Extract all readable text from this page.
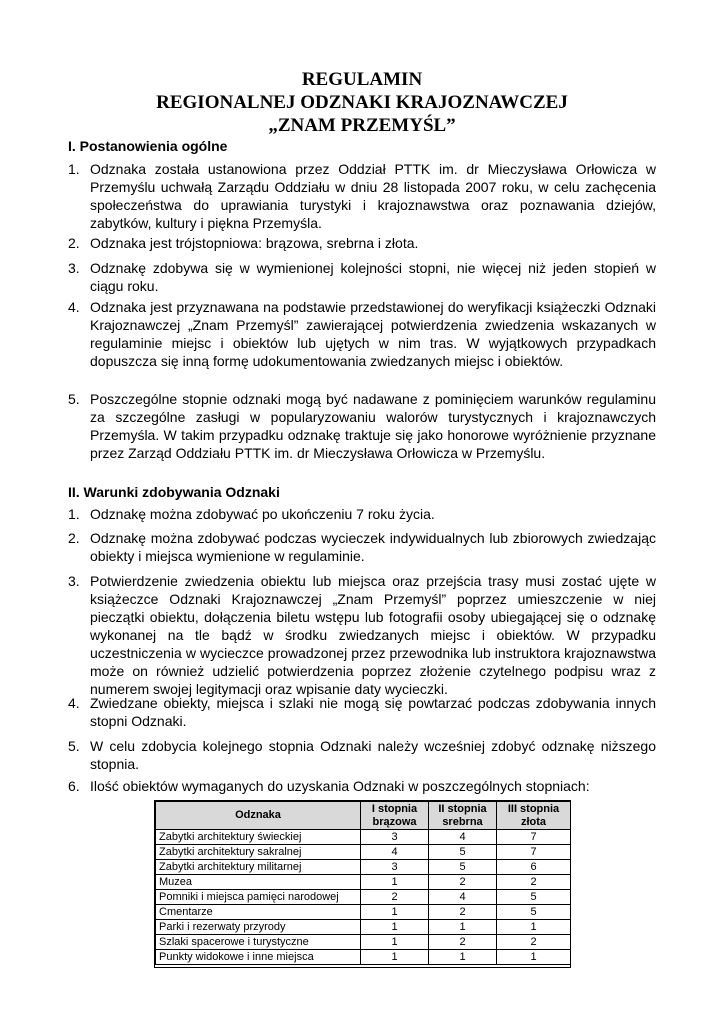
REGULAMIN
REGIONALNEJ ODZNAKI KRAJOZNAWCZEJ
„ZNAM PRZEMYŚL”
I. Postanowienia ogólne
1. Odznaka została ustanowiona przez Oddział PTTK im. dr Mieczysława Orłowicza w Przemyślu uchwałą Zarządu Oddziału w dniu 28 listopada 2007 roku, w celu zachęcenia społeczeństwa do uprawiania turystyki i krajoznawstwa oraz poznawania dziejów, zabytków, kultury i piękna Przemyśla.
2. Odznaka jest trójstopniowa: brązowa, srebrna i złota.
3. Odznakę zdobywa się w wymienionej kolejności stopni, nie więcej niż jeden stopień w ciągu roku.
4. Odznaka jest przyznawana na podstawie przedstawionej do weryfikacji książeczki Odznaki Krajoznawczej „Znam Przemyśl” zawierającej potwierdzenia zwiedzenia wskazanych w regulaminie miejsc i obiektów lub ujętych w nim tras. W wyjątkowych przypadkach dopuszcza się inną formę udokumentowania zwiedzanych miejsc i obiektów.
5. Poszczególne stopnie odznaki mogą być nadawane z pominięciem warunków regulaminu za szczególne zasługi w popularyzowaniu walorów turystycznych i krajoznawczych Przemyśla. W takim przypadku odznakę traktuje się jako honorowe wyróżnienie przyznane przez Zarząd Oddziału PTTK im. dr Mieczysława Orłowicza w Przemyślu.
II. Warunki zdobywania Odznaki
1. Odznakę można zdobywać po ukończeniu 7 roku życia.
2. Odznakę można zdobywać podczas wycieczek indywidualnych lub zbiorowych zwiedzając obiekty i miejsca wymienione w regulaminie.
3. Potwierdzenie zwiedzenia obiektu lub miejsca oraz przejścia trasy musi zostać ujęte w książeczce Odznaki Krajoznawczej „Znam Przemyśl” poprzez umieszczenie w niej pieczątki obiektu, dołączenia biletu wstępu lub fotografii osoby ubiegającej się o odznakę wykonanej na tle bądź w środku zwiedzanych miejsc i obiektów. W przypadku uczestniczenia w wycieczce prowadzonej przez przewodnika lub instruktora krajoznawstwa może on również udzielić potwierdzenia poprzez złożenie czytelnego podpisu wraz z numerem swojej legitymacji oraz wpisanie daty wycieczki.
4. Zwiedzane obiekty, miejsca i szlaki nie mogą się powtarzać podczas zdobywania innych stopni Odznaki.
5. W celu zdobycia kolejnego stopnia Odznaki należy wcześniej zdobyć odznakę niższego stopnia.
6. Ilość obiektów wymaganych do uzyskania Odznaki w poszczególnych stopniach:
Odznaka	I stopnia brązowa	II stopnia srebrna	III stopnia złota
Zabytki architektury świeckiej	3	4	7
Zabytki architektury sakralnej	4	5	7
Zabytki architektury militarnej	3	5	6
Muzea	1	2	2
Pomniki i miejsca pamięci narodowej	2	4	5
Cmentarze	1	2	5
Parki i rezerwaty przyrody	1	1	1
Szlaki spacerowe i turystyczne	1	2	2
Punkty widokowe i inne miejsca	1	1	1
